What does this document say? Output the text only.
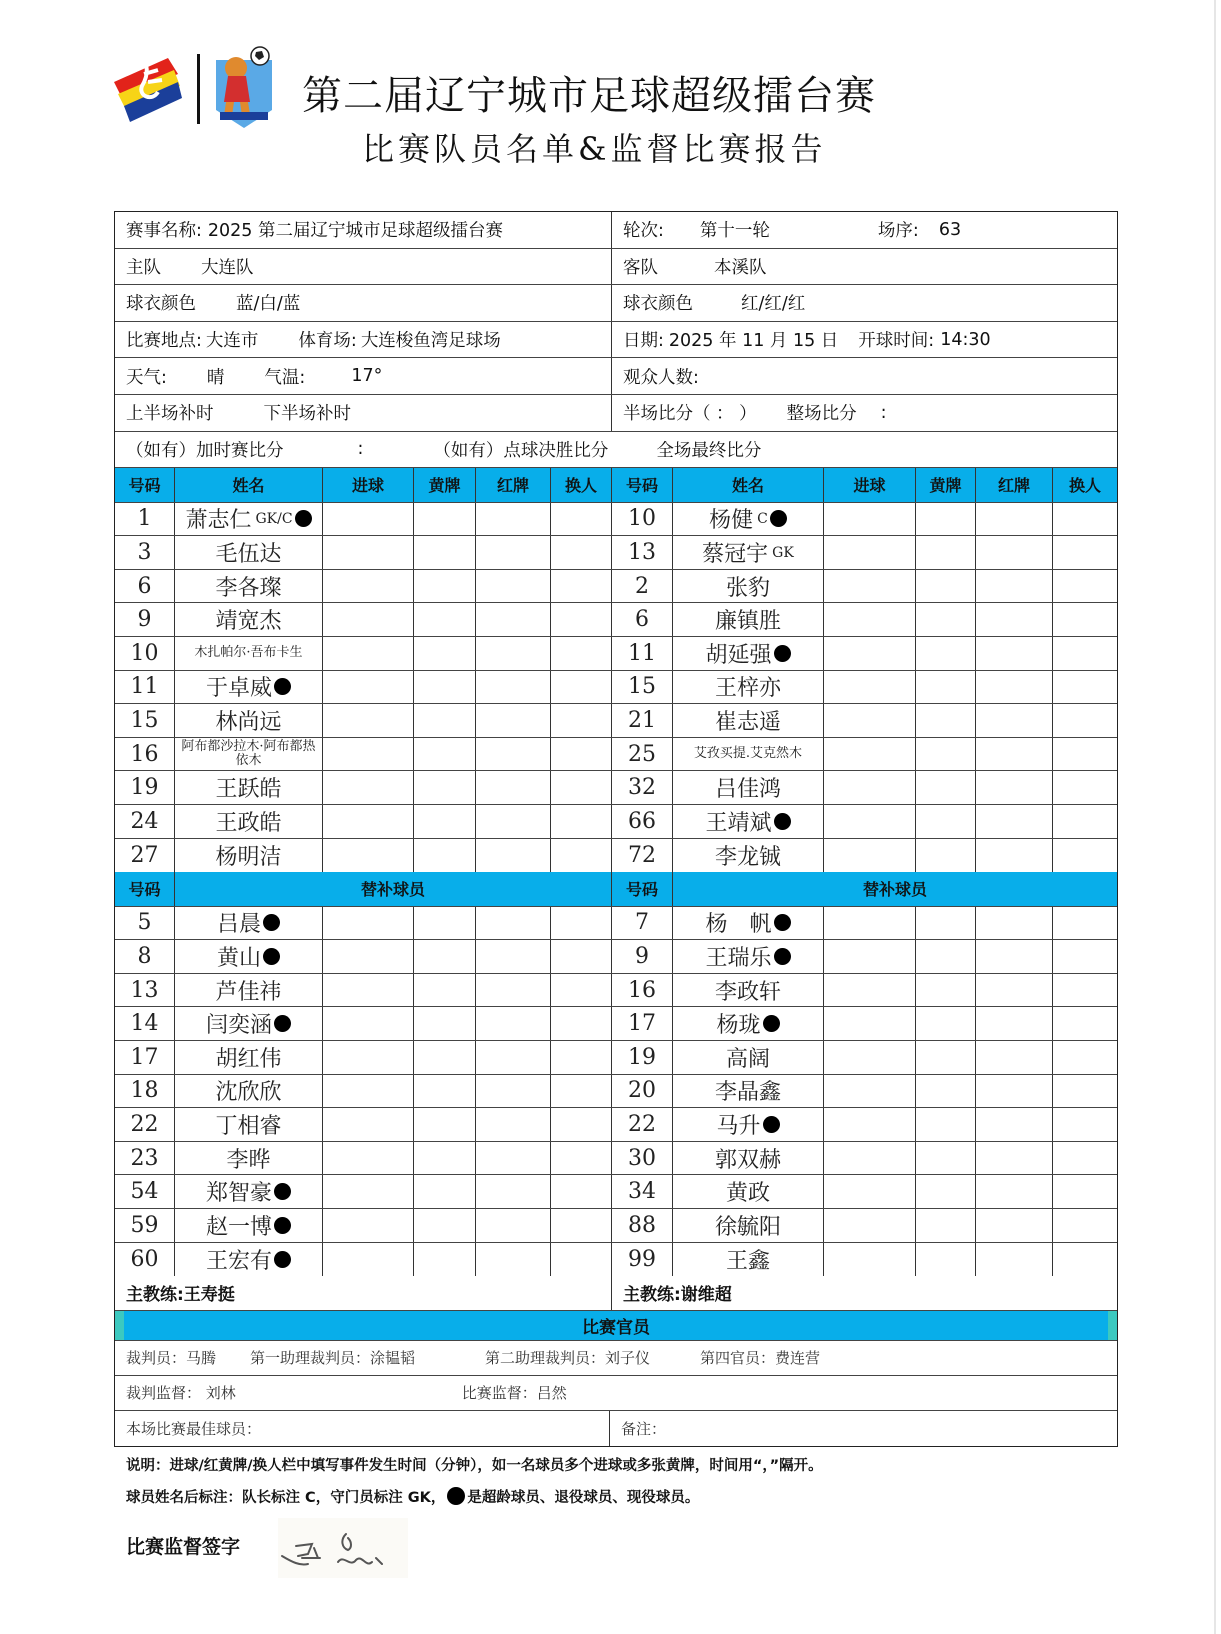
第二届辽宁城市足球超级擂台赛
比赛队员名单&监督比赛报告
赛事名称: 2025 第二届辽宁城市足球超级擂台赛	轮次: 第十一轮	场序: 63
主队 大连队	客队	本溪队
球衣颜色 蓝/白/蓝	球衣颜色	红/红/红
比赛地点: 大连市 体育场: 大连梭鱼湾足球场	日期: 2025 年 11 月 15 日 开球时间: 14:30
天气: 晴 气温:	17°	观众人数:
上半场补时	下半场补时	半场比分（ ： ） 整场比分 :
（如有）加时赛比分	:	（如有）点球决胜比分	全场最终比分
号码	姓名	进球	黄牌	红牌	换人	号码	姓名	进球	黄牌	红牌	换人
1	萧志仁 GK/C	10	杨健 C
3	毛伍达	13	蔡冠宇 GK
6	李各璨	2	张豹
9	靖宽杰	6	廉镇胜
10	木扎帕尔·吾布卡生	11	胡延强
11	于卓威	15	王梓亦
15	林尚远	21	崔志遥
16	阿布都沙拉木·阿布都热依木	25	艾孜买提.艾克然木
19	王跃皓	32	吕佳鸿
24	王政皓	66	王靖斌
27	杨明洁	72	李龙铖
号码	替补球员	号码	替补球员
5	吕晨	7	杨　帆
8	黄山	9	王瑞乐
13	芦佳祎	16	李政轩
14	闫奕涵	17	杨珑
17	胡红伟	19	高阔
18	沈欣欣	20	李晶鑫
22	丁相睿	22	马升
23	李晔	30	郭双赫
54	郑智豪	34	黄政
59	赵一博	88	徐毓阳
60	王宏有	99	王鑫
主教练:王寿挺	主教练:谢维超
比赛官员
裁判员：马腾 第一助理裁判员：涂韫韬	第二助理裁判员：刘子仪	第四官员：费连营
裁判监督： 刘林	比赛监督：吕然
本场比赛最佳球员：	备注：
说明：进球/红黄牌/换人栏中填写事件发生时间（分钟），如一名球员多个进球或多张黄牌，时间用“，”隔开。
球员姓名后标注：队长标注 C，守门员标注 GK， 是超龄球员、退役球员、现役球员。
比赛监督签字
